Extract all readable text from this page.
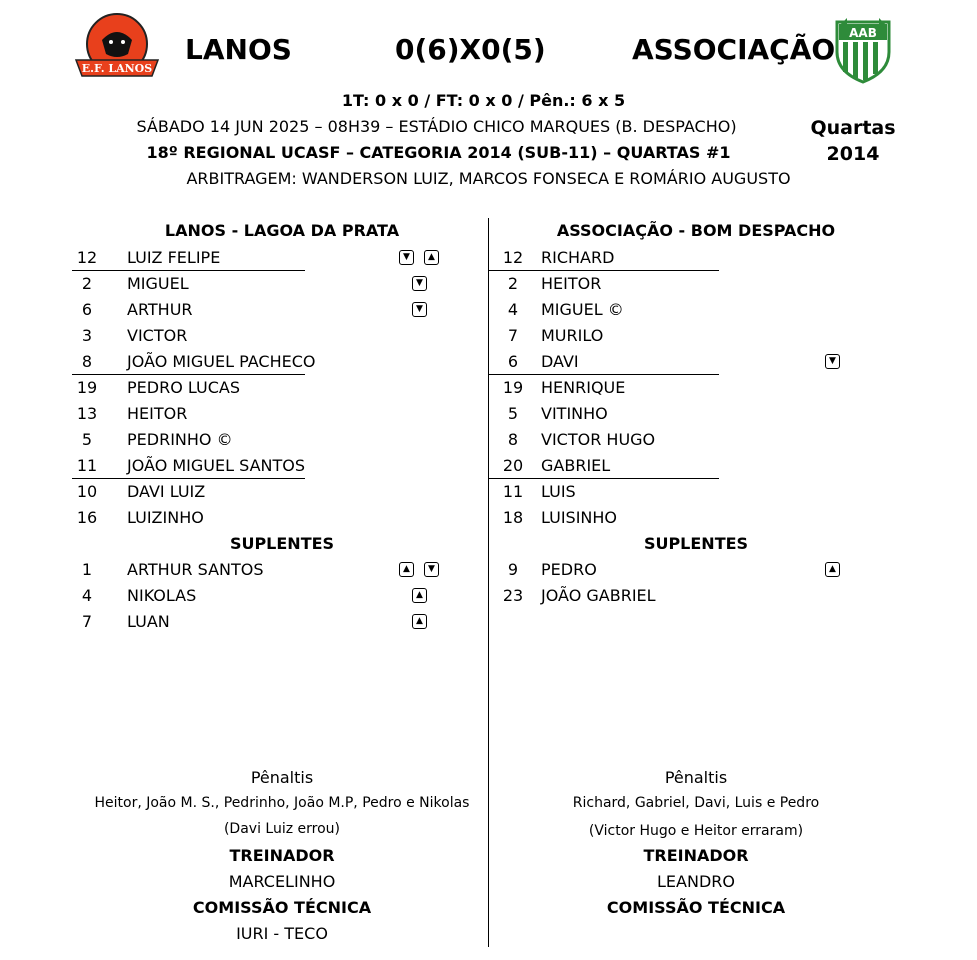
E.F. LANOS
LANOS	0(6)X0(5)	ASSOCIAÇÃO AAB
1T: 0 x 0 / FT: 0 x 0 / Pên.: 6 x 5
SÁBADO 14 JUN 2025 – 08H39 – ESTÁDIO CHICO MARQUES (B. DESPACHO)
18º REGIONAL UCASF – CATEGORIA 2014 (SUB-11) – QUARTAS #1
ARBITRAGEM: WANDERSON LUIZ, MARCOS FONSECA E ROMÁRIO AUGUSTO
Quartas
2014
LANOS - LAGOA DA PRATA
12	LUIZ FELIPE	▼	▲
2	MIGUEL	▼
6	ARTHUR	▼
3	VICTOR
8	JOÃO MIGUEL PACHECO
19	PEDRO LUCAS
13	HEITOR
5	PEDRINHO ©
11	JOÃO MIGUEL SANTOS
10	DAVI LUIZ
16	LUIZINHO
SUPLENTES
1	ARTHUR SANTOS	▲	▼
4	NIKOLAS	▲
7	LUAN	▲
Pênaltis
Heitor, João M. S., Pedrinho, João M.P, Pedro e Nikolas
(Davi Luiz errou)
TREINADOR
MARCELINHO
COMISSÃO TÉCNICA
IURI - TECO
ASSOCIAÇÃO - BOM DESPACHO
12	RICHARD
2	HEITOR
4	MIGUEL ©
7	MURILO
6	DAVI	▼
19	HENRIQUE
5	VITINHO
8	VICTOR HUGO
20	GABRIEL
11	LUIS
18	LUISINHO
SUPLENTES
9	PEDRO	▲
23	JOÃO GABRIEL
Pênaltis
Richard, Gabriel, Davi, Luis e Pedro
(Victor Hugo e Heitor erraram)
TREINADOR
LEANDRO
COMISSÃO TÉCNICA
